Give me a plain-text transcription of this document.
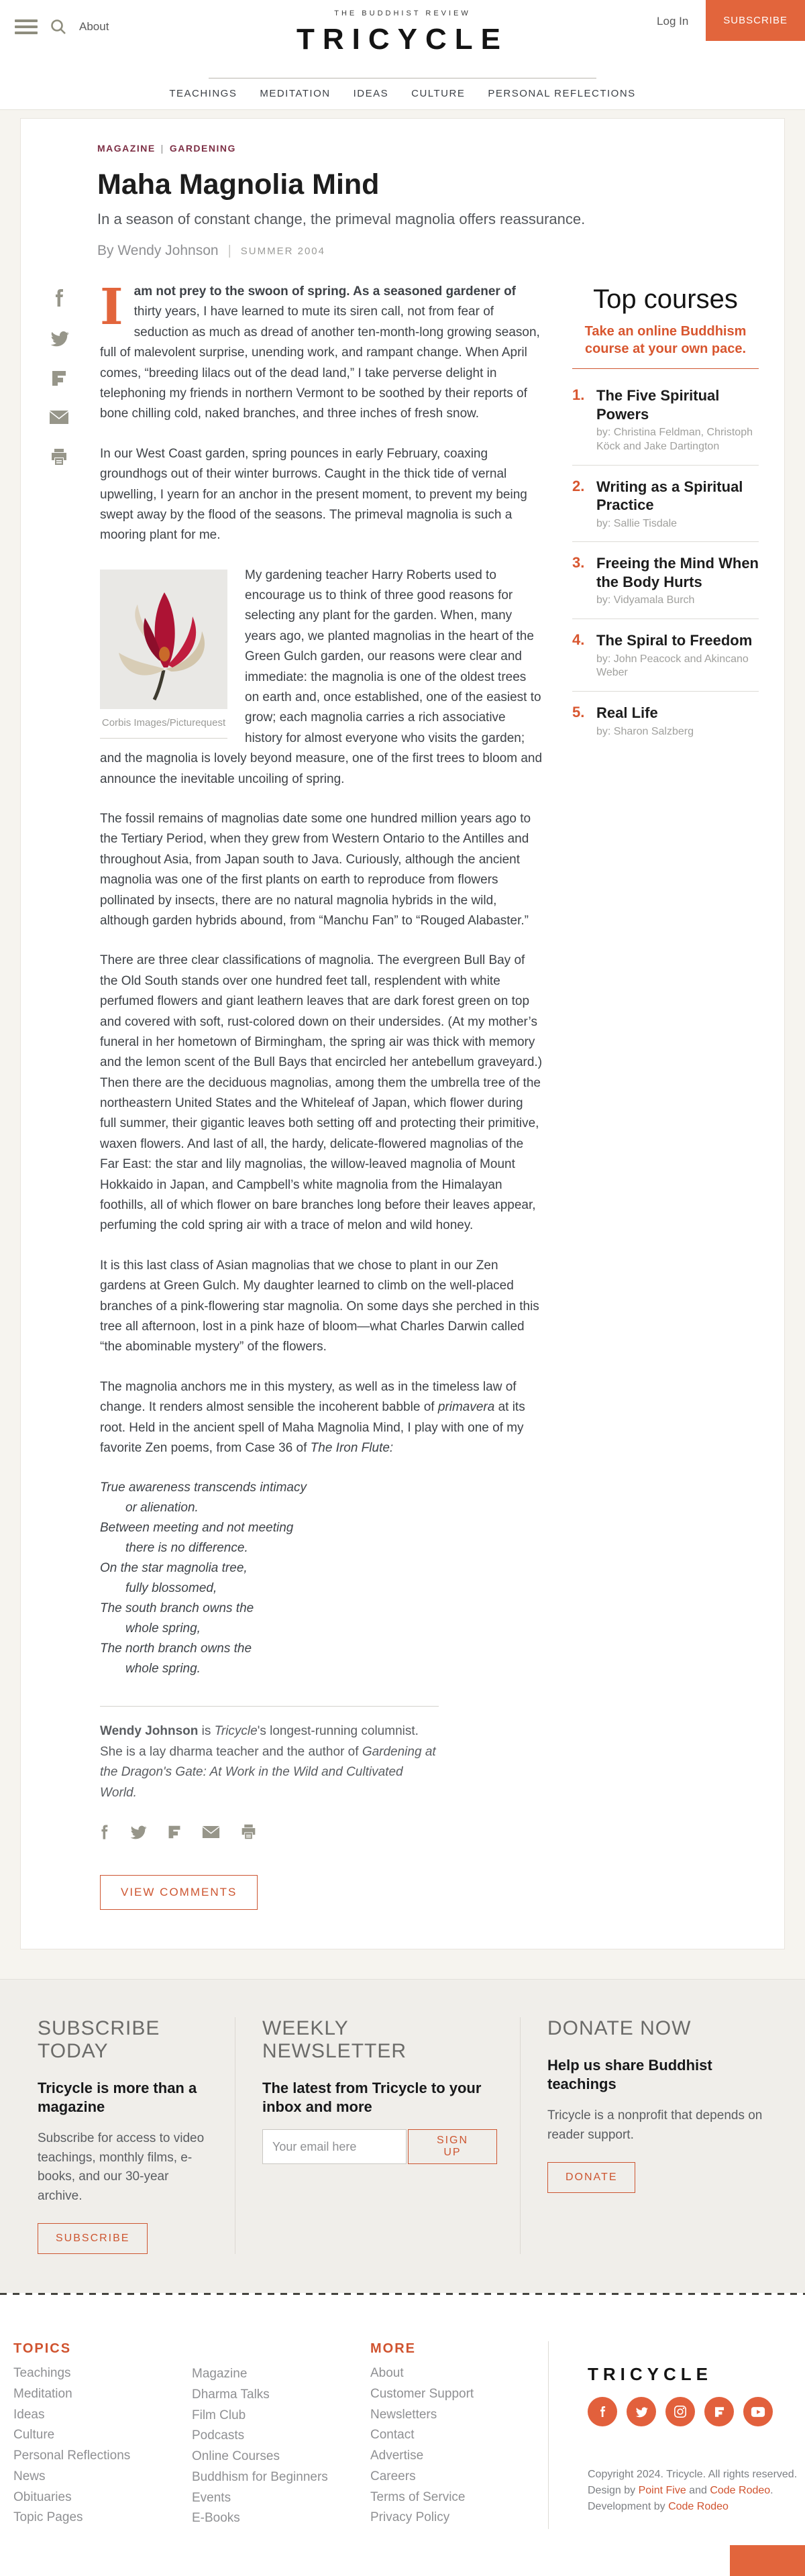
About
THE BUDDHIST REVIEW
TRICYCLE
Log In	SUBSCRIBE
TEACHINGS MEDITATION IDEAS CULTURE PERSONAL REFLECTIONS
MAGAZINE | GARDENING
Maha Magnolia Mind
In a season of constant change, the primeval magnolia offers reassurance.
By Wendy Johnson | SUMMER 2004

Iam not prey to the swoon of spring. As a seasoned gardener of thirty years, I have learned to mute its siren call, not from fear of seduction as much as dread of another ten-month-long growing season, full of malevolent surprise, unending work, and rampant change. When April comes, “breeding lilacs out of the dead land,” I take perverse delight in telephoning my friends in northern Vermont to be soothed by their reports of bone chilling cold, naked branches, and three inches of fresh snow.

In our West Coast garden, spring pounces in early February, coaxing groundhogs out of their winter burrows. Caught in the thick tide of vernal upwelling, I yearn for an anchor in the present moment, to prevent my being swept away by the flood of the seasons. The primeval magnolia is such a mooring plant for me.

Corbis Images/Picturequest

My gardening teacher Harry Roberts used to encourage us to think of three good reasons for selecting any plant for the garden. When, many years ago, we planted magnolias in the heart of the Green Gulch garden, our reasons were clear and immediate: the magnolia is one of the oldest trees on earth and, once established, one of the easiest to grow; each magnolia carries a rich associative history for almost everyone who visits the garden; and the magnolia is lovely beyond measure, one of the first trees to bloom and announce the inevitable uncoiling of spring.

The fossil remains of magnolias date some one hundred million years ago to the Tertiary Period, when they grew from Western Ontario to the Antilles and throughout Asia, from Japan south to Java. Curiously, although the ancient magnolia was one of the first plants on earth to reproduce from flowers pollinated by insects, there are no natural magnolia hybrids in the wild, although garden hybrids abound, from “Manchu Fan” to “Rouged Alabaster.”

There are three clear classifications of magnolia. The evergreen Bull Bay of the Old South stands over one hundred feet tall, resplendent with white perfumed flowers and giant leathern leaves that are dark forest green on top and covered with soft, rust-colored down on their undersides. (At my mother’s funeral in her hometown of Birmingham, the spring air was thick with memory and the lemon scent of the Bull Bays that encircled her antebellum graveyard.) Then there are the deciduous magnolias, among them the umbrella tree of the northeastern United States and the Whiteleaf of Japan, which flower during full summer, their gigantic leaves both setting off and protecting their primitive, waxen flowers. And last of all, the hardy, delicate-flowered magnolias of the Far East: the star and lily magnolias, the willow-leaved magnolia of Mount Hokkaido in Japan, and Campbell’s white magnolia from the Himalayan foothills, all of which flower on bare branches long before their leaves appear, perfuming the cold spring air with a trace of melon and wild honey.

It is this last class of Asian magnolias that we chose to plant in our Zen gardens at Green Gulch. My daughter learned to climb on the well-placed branches of a pink-flowering star magnolia. On some days she perched in this tree all afternoon, lost in a pink haze of bloom—what Charles Darwin called “the abominable mystery” of the flowers.

The magnolia anchors me in this mystery, as well as in the timeless law of change. It renders almost sensible the incoherent babble of primavera at its root. Held in the ancient spell of Maha Magnolia Mind, I play with one of my favorite Zen poems, from Case 36 of The Iron Flute:

True awareness transcends intimacy
or alienation.
Between meeting and not meeting
there is no difference.
On the star magnolia tree,
fully blossomed,
The south branch owns the
whole spring,
The north branch owns the
whole spring.
Wendy Johnson is Tricycle's longest-running columnist. She is a lay dharma teacher and the author of Gardening at the Dragon's Gate: At Work in the Wild and Cultivated World.
VIEW COMMENTS
Top courses
Take an online Buddhism course at your own pace.
1. The Five Spiritual Powers
by: Christina Feldman, Christoph Köck and Jake Dartington
2. Writing as a Spiritual Practice
by: Sallie Tisdale
3. Freeing the Mind When the Body Hurts
by: Vidyamala Burch
4. The Spiral to Freedom
by: John Peacock and Akincano Weber
5. Real Life
by: Sharon Salzberg
SUBSCRIBE TODAY
Tricycle is more than a magazine
Subscribe for access to video teachings, monthly films, e-books, and our 30-year archive.
SUBSCRIBE
WEEKLY NEWSLETTER
The latest from Tricycle to your inbox and more
Your email here
SIGN UP
DONATE NOW
Help us share Buddhist teachings
Tricycle is a nonprofit that depends on reader support.
DONATE
TOPICS
Teachings
Meditation
Ideas
Culture
Personal Reflections
News
Obituaries
Topic Pages
Magazine
Dharma Talks
Film Club
Podcasts
Online Courses
Buddhism for Beginners
Events
E-Books
MORE
About
Customer Support
Newsletters
Contact
Advertise
Careers
Terms of Service
Privacy Policy
TRICYCLE
Copyright 2024. Tricycle. All rights reserved.
Design by Point Five and Code Rodeo. Development by Code Rodeo
